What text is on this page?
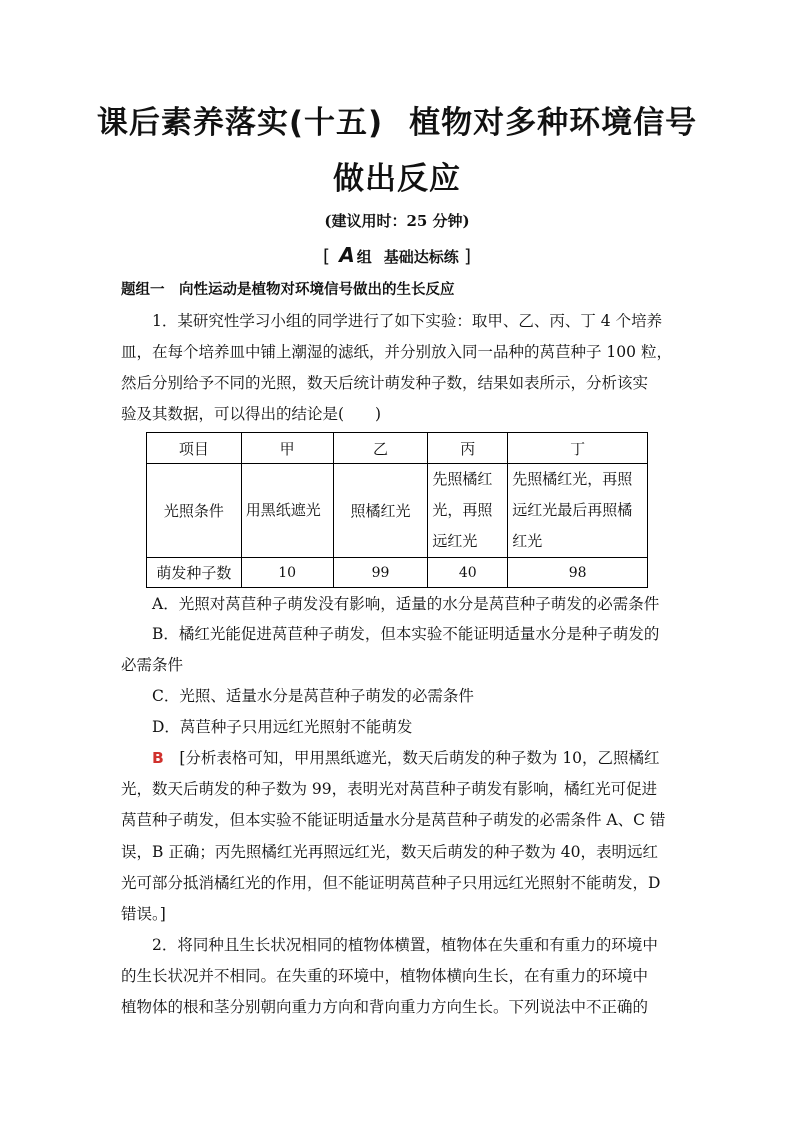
课后素养落实(十五) 植物对多种环境信号
做出反应
(建议用时：25 分钟)
[ A 组 基础达标练 ]
题组一　向性运动是植物对环境信号做出的生长反应
1．某研究性学习小组的同学进行了如下实验：取甲、乙、丙、丁 4 个培养
皿，在每个培养皿中铺上潮湿的滤纸，并分别放入同一品种的莴苣种子 100 粒，
然后分别给予不同的光照，数天后统计萌发种子数，结果如表所示，分析该实
验及其数据，可以得出的结论是(　　)
项目	甲	乙	丙	丁
光照条件	用黑纸遮光	照橘红光	先照橘红光，再照远红光	先照橘红光，再照远红光最后再照橘红光
萌发种子数	10	99	40	98
A．光照对莴苣种子萌发没有影响，适量的水分是莴苣种子萌发的必需条件
B．橘红光能促进莴苣种子萌发，但本实验不能证明适量水分是种子萌发的
必需条件
C．光照、适量水分是莴苣种子萌发的必需条件
D．莴苣种子只用远红光照射不能萌发
B　 [分析表格可知，甲用黑纸遮光，数天后萌发的种子数为 10，乙照橘红
光，数天后萌发的种子数为 99，表明光对莴苣种子萌发有影响，橘红光可促进
莴苣种子萌发，但本实验不能证明适量水分是莴苣种子萌发的必需条件 A、C 错
误，B 正确；丙先照橘红光再照远红光，数天后萌发的种子数为 40，表明远红
光可部分抵消橘红光的作用，但不能证明莴苣种子只用远红光照射不能萌发，D
错误。]
2．将同种且生长状况相同的植物体横置，植物体在失重和有重力的环境中
的生长状况并不相同。在失重的环境中，植物体横向生长，在有重力的环境中
植物体的根和茎分别朝向重力方向和背向重力方向生长。下列说法中不正确的
